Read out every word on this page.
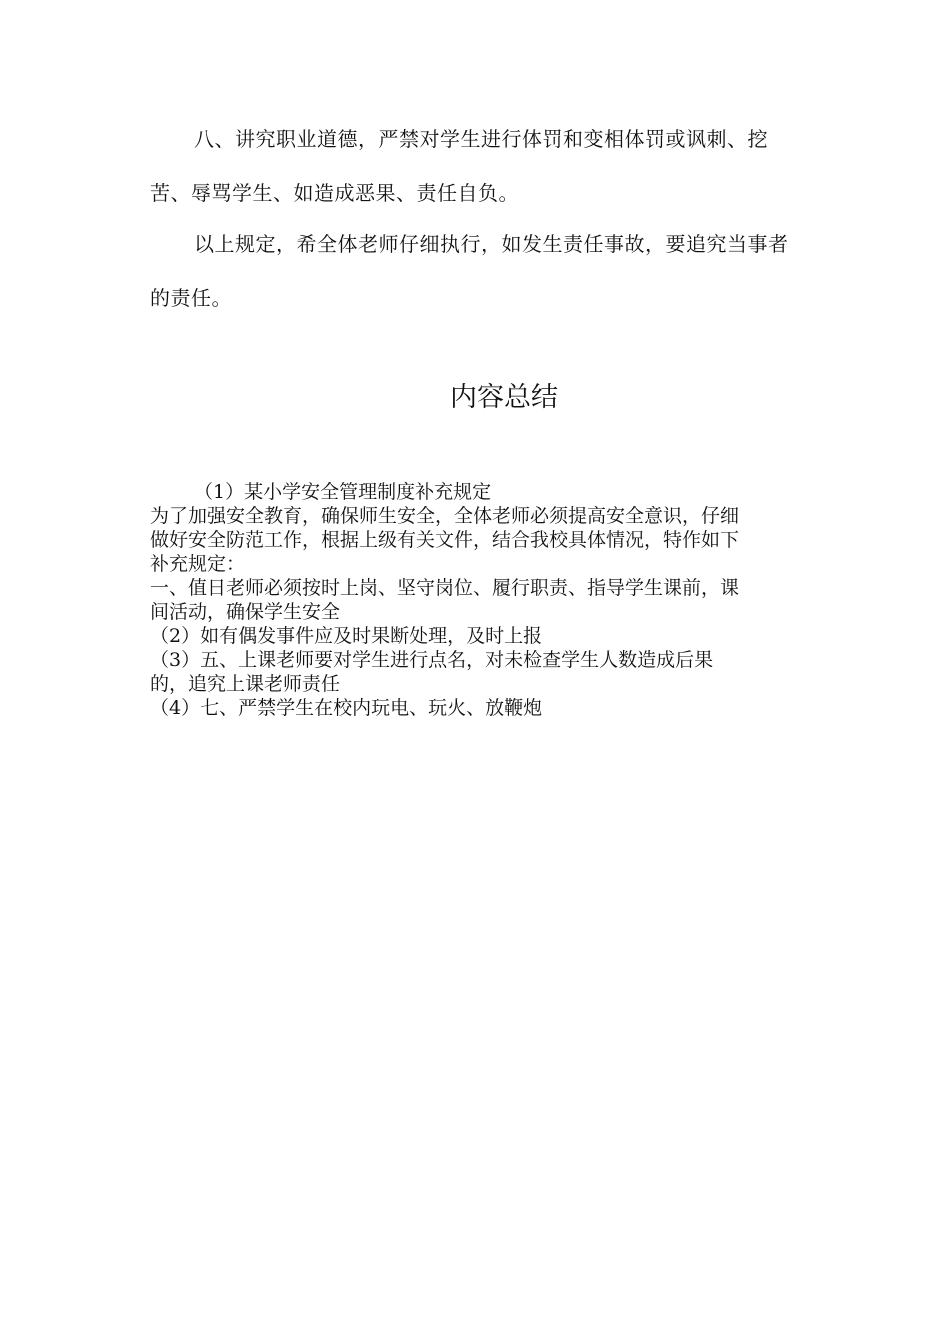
八、讲究职业道德，严禁对学生进行体罚和变相体罚或讽刺、挖苦、辱骂学生、如造成恶果、责任自负。

以上规定，希全体老师仔细执行，如发生责任事故，要追究当事者的责任。

内容总结
（1）某小学安全管理制度补充规定
为了加强安全教育，确保师生安全，全体老师必须提高安全意识，仔细
做好安全防范工作，根据上级有关文件，结合我校具体情况，特作如下
补充规定：
一、值日老师必须按时上岗、坚守岗位、履行职责、指导学生课前，课
间活动，确保学生安全
（2）如有偶发事件应及时果断处理，及时上报
（3）五、上课老师要对学生进行点名，对未检查学生人数造成后果
的，追究上课老师责任
（4）七、严禁学生在校内玩电、玩火、放鞭炮
